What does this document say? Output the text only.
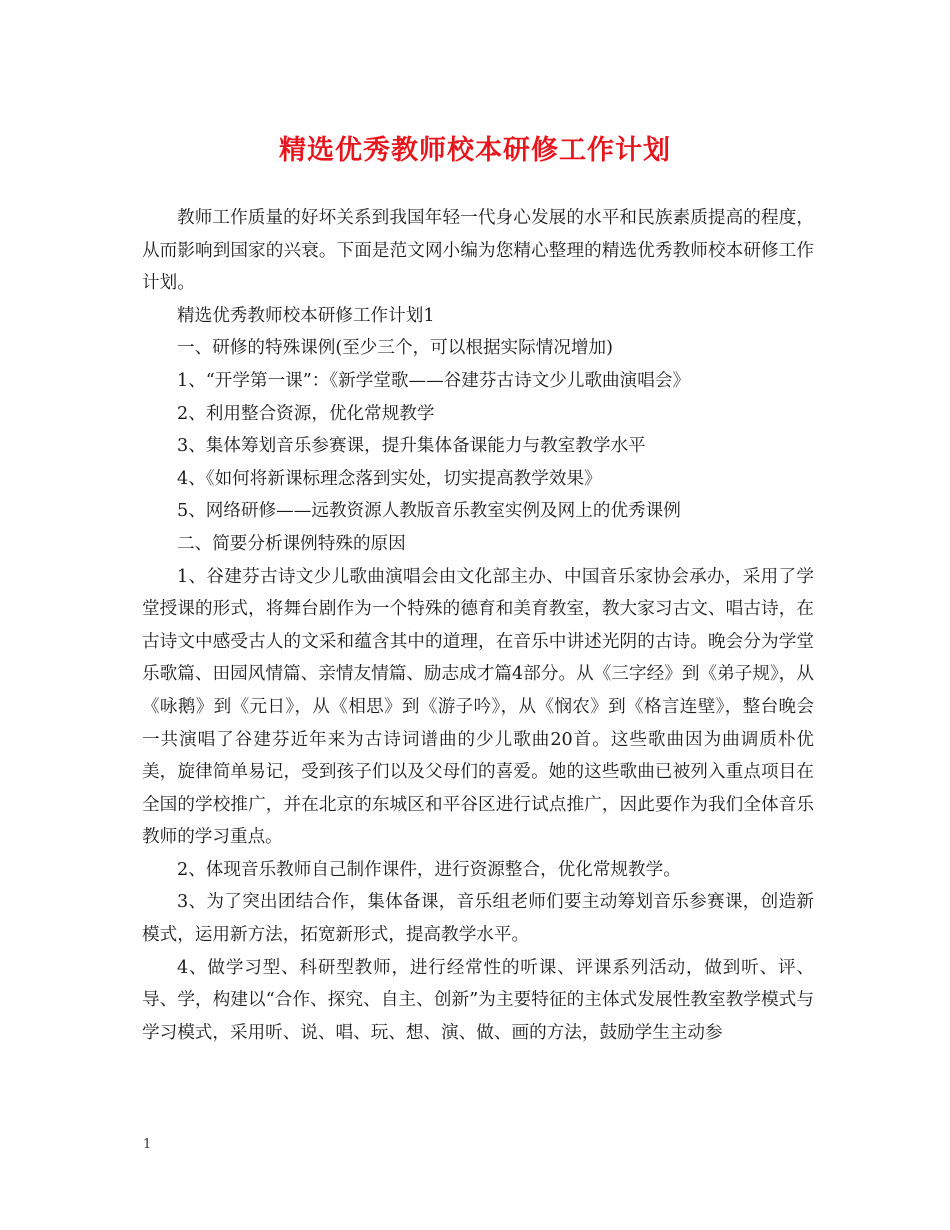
精选优秀教师校本研修工作计划

教师工作质量的好坏关系到我国年轻一代身心发展的水平和民族素质提高的程度，从而影响到国家的兴衰。下面是范文网小编为您精心整理的精选优秀教师校本研修工作计划。

精选优秀教师校本研修工作计划1

一、研修的特殊课例(至少三个，可以根据实际情况增加)

1、“开学第一课”：《新学堂歌——谷建芬古诗文少儿歌曲演唱会》

2、利用整合资源，优化常规教学

3、集体筹划音乐参赛课，提升集体备课能力与教室教学水平

4、《如何将新课标理念落到实处，切实提高教学效果》

5、网络研修——远教资源人教版音乐教室实例及网上的优秀课例

二、简要分析课例特殊的原因

1、谷建芬古诗文少儿歌曲演唱会由文化部主办、中国音乐家协会承办，采用了学堂授课的形式，将舞台剧作为一个特殊的德育和美育教室，教大家习古文、唱古诗，在古诗文中感受古人的文采和蕴含其中的道理，在音乐中讲述光阴的古诗。晚会分为学堂乐歌篇、田园风情篇、亲情友情篇、励志成才篇4部分。从《三字经》到《弟子规》，从《咏鹅》到《元日》，从《相思》到《游子吟》，从《悯农》到《格言连壁》，整台晚会一共演唱了谷建芬近年来为古诗词谱曲的少儿歌曲20首。这些歌曲因为曲调质朴优美，旋律简单易记，受到孩子们以及父母们的喜爱。她的这些歌曲已被列入重点项目在全国的学校推广，并在北京的东城区和平谷区进行试点推广，因此要作为我们全体音乐教师的学习重点。

2、体现音乐教师自己制作课件，进行资源整合，优化常规教学。

3、为了突出团结合作，集体备课，音乐组老师们要主动筹划音乐参赛课，创造新模式，运用新方法，拓宽新形式，提高教学水平。

4、做学习型、科研型教师，进行经常性的听课、评课系列活动，做到听、评、导、学，构建以“合作、探究、自主、创新”为主要特征的主体式发展性教室教学模式与学习模式，采用听、说、唱、玩、想、演、做、画的方法，鼓励学生主动参

1
